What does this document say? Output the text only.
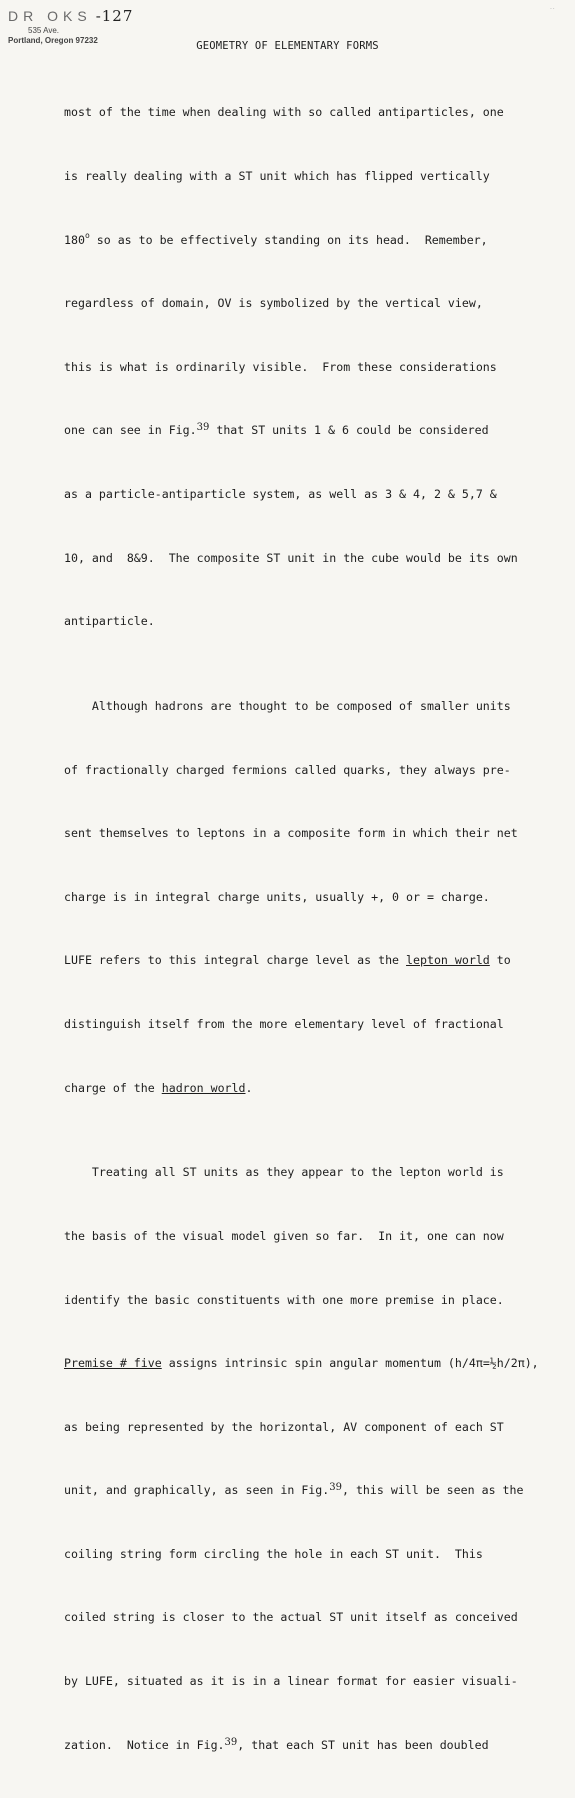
DR OKS -127
535 Ave.
Portland, Oregon 97232
··
GEOMETRY OF ELEMENTARY FORMS

most of the time when dealing with so called antiparticles, one

is really dealing with a ST unit which has flipped vertically

180$^o$ so as to be effectively standing on its head.  Remember,

regardless of domain, OV is symbolized by the vertical view,

this is what is ordinarily visible.  From these considerations

one can see in Fig.39 that ST units 1 & 6 could be considered

as a particle-antiparticle system, as well as 3 & 4, 2 & 5,7 &

10, and  8&9.  The composite ST unit in the cube would be its own

antiparticle.

Although hadrons are thought to be composed of smaller units

of fractionally charged fermions called quarks, they always pre-

sent themselves to leptons in a composite form in which their net

charge is in integral charge units, usually +, 0 or = charge.

LUFE refers to this integral charge level as the lepton world to

distinguish itself from the more elementary level of fractional

charge of the hadron world.

Treating all ST units as they appear to the lepton world is

the basis of the visual model given so far.  In it, one can now

identify the basic constituents with one more premise in place.

Premise # five assigns intrinsic spin angular momentum (h/4π=½h/2π),

as being represented by the horizontal, AV component of each ST

unit, and graphically, as seen in Fig.39, this will be seen as the

coiling string form circling the hole in each ST unit.  This

coiled string is closer to the actual ST unit itself as conceived

by LUFE, situated as it is in a linear format for easier visuali-

zation.  Notice in Fig.39, that each ST unit has been doubled
